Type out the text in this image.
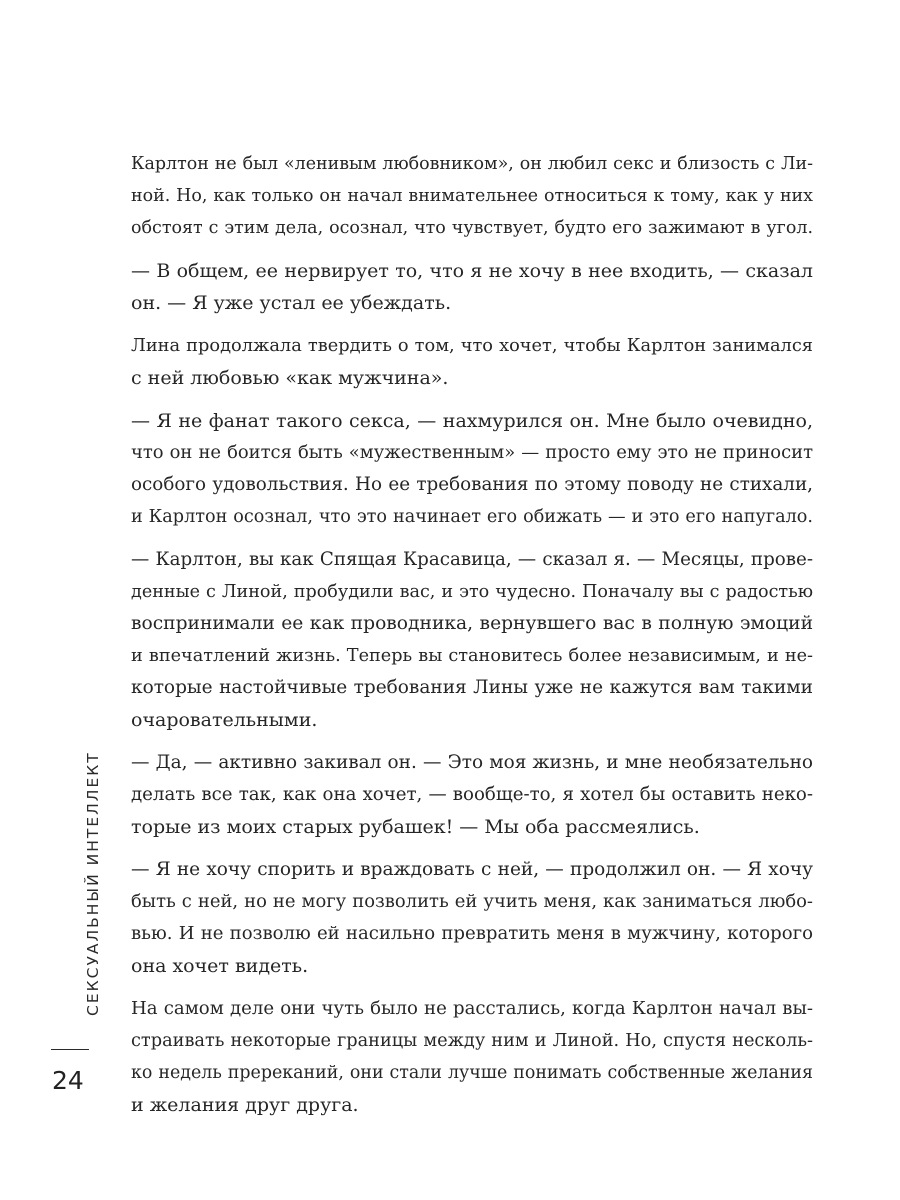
Карлтон не был «ленивым любовником», он любил секс и близость с Ли-
ной. Но, как только он начал внимательнее относиться к тому, как у них
обстоят с этим дела, осознал, что чувствует, будто его зажимают в угол.
— В общем, ее нервирует то, что я не хочу в нее входить, — сказал
он. — Я уже устал ее убеждать.
Лина продолжала твердить о том, что хочет, чтобы Карлтон занимался
с ней любовью «как мужчина».
— Я не фанат такого секса, — нахмурился он. Мне было очевидно,
что он не боится быть «мужественным» — просто ему это не приносит
особого удовольствия. Но ее требования по этому поводу не стихали,
и Карлтон осознал, что это начинает его обижать — и это его напугало.
— Карлтон, вы как Спящая Красавица, — сказал я. — Месяцы, прове-
денные с Линой, пробудили вас, и это чудесно. Поначалу вы с радостью
воспринимали ее как проводника, вернувшего вас в полную эмоций
и впечатлений жизнь. Теперь вы становитесь более независимым, и не-
которые настойчивые требования Лины уже не кажутся вам такими
очаровательными.
— Да, — активно закивал он. — Это моя жизнь, и мне необязательно
делать все так, как она хочет, — вообще-то, я хотел бы оставить неко-
торые из моих старых рубашек! — Мы оба рассмеялись.
— Я не хочу спорить и враждовать с ней, — продолжил он. — Я хочу
быть с ней, но не могу позволить ей учить меня, как заниматься любо-
вью. И не позволю ей насильно превратить меня в мужчину, которого
она хочет видеть.
На самом деле они чуть было не расстались, когда Карлтон начал вы-
страивать некоторые границы между ним и Линой. Но, спустя несколь-
ко недель пререканий, они стали лучше понимать собственные желания
и желания друг друга.
СЕКСУАЛЬНЫЙ ИНТЕЛЛЕКТ
24
